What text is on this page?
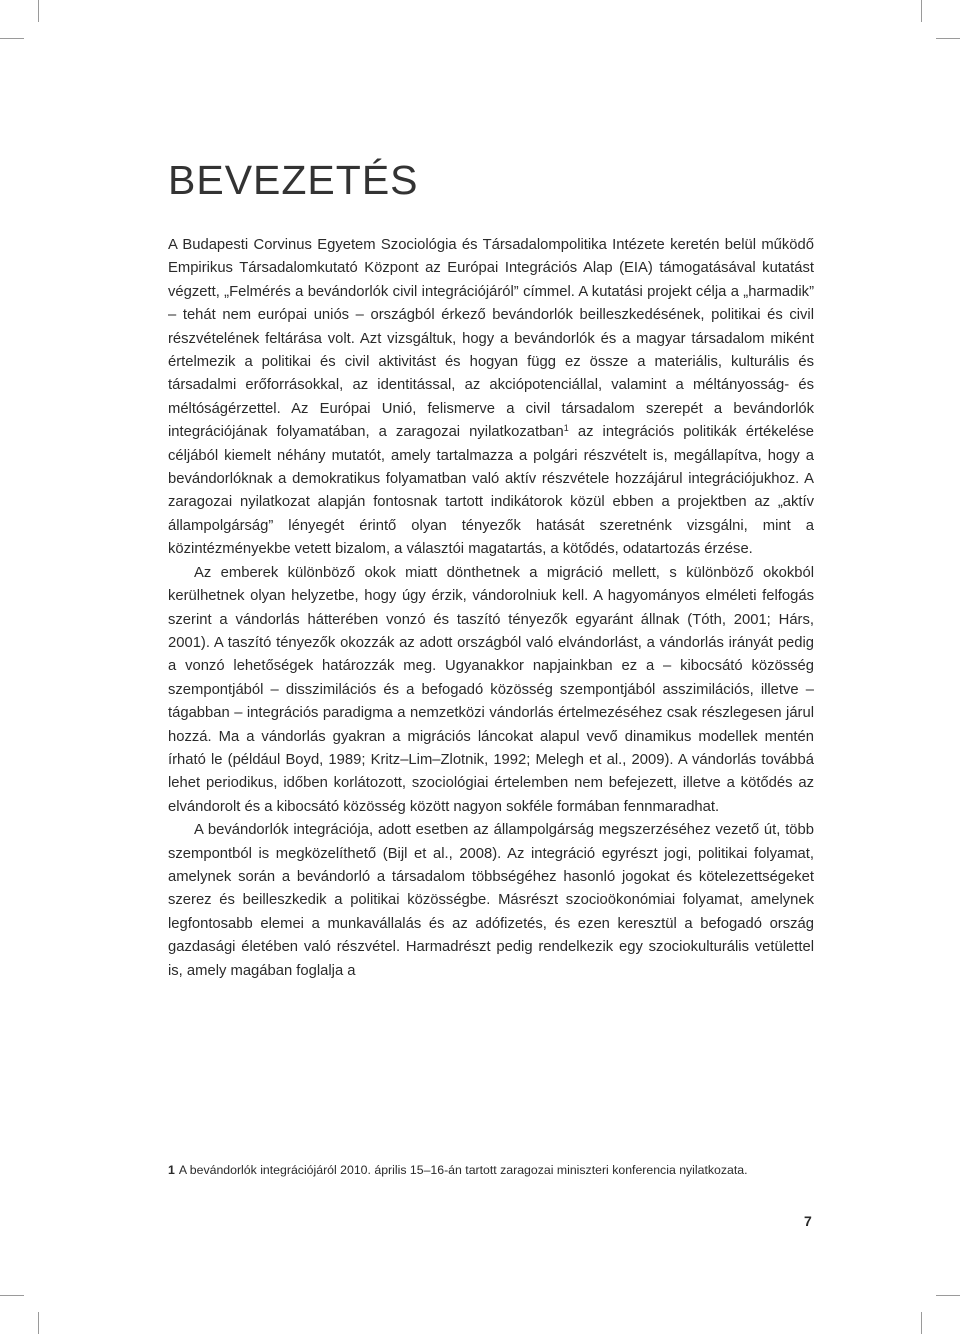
BEVEZETÉS

A Budapesti Corvinus Egyetem Szociológia és Társadalompolitika Intézete keretén belül működő Empirikus Társadalomkutató Központ az Európai Integrációs Alap (EIA) támogatásával kutatást végzett, „Felmérés a bevándorlók civil integrációjáról” címmel. A kutatási projekt célja a „harmadik” – tehát nem európai uniós – országból érkező bevándorlók beilleszkedésének, politikai és civil részvételének feltárása volt. Azt vizsgáltuk, hogy a bevándorlók és a magyar társadalom miként értelmezik a politikai és civil aktivitást és hogyan függ ez össze a materiális, kulturális és társadalmi erőforrásokkal, az identitással, az akciópotenciállal, valamint a méltányosság- és méltóságérzettel. Az Európai Unió, felismerve a civil társadalom szerepét a bevándorlók integrációjának folyamatában, a zaragozai nyilatkozatban$^1$ az integrációs politikák értékelése céljából kiemelt néhány mutatót, amely tartalmazza a polgári részvételt is, megállapítva, hogy a bevándorlóknak a demokratikus folyamatban való aktív részvétele hozzájárul integrációjukhoz. A zaragozai nyilatkozat alapján fontosnak tartott indikátorok közül ebben a projektben az „aktív állampolgárság” lényegét érintő olyan tényezők hatását szeretnénk vizsgálni, mint a közintézményekbe vetett bizalom, a választói magatartás, a kötődés, odatartozás érzése.

Az emberek különböző okok miatt dönthetnek a migráció mellett, s különböző okokból kerülhetnek olyan helyzetbe, hogy úgy érzik, vándorolniuk kell. A hagyományos elméleti felfogás szerint a vándorlás hátterében vonzó és taszító tényezők egyaránt állnak (Tóth, 2001; Hárs, 2001). A taszító tényezők okozzák az adott országból való elvándorlást, a vándorlás irányát pedig a vonzó lehetőségek határozzák meg. Ugyanakkor napjainkban ez a – kibocsátó közösség szempontjából – disszimilációs és a befogadó közösség szempontjából asszimilációs, illetve – tágabban – integrációs paradigma a nemzetközi vándorlás értelmezéséhez csak részlegesen járul hozzá. Ma a vándorlás gyakran a migrációs láncokat alapul vevő dinamikus modellek mentén írható le (például Boyd, 1989; Kritz–Lim–Zlotnik, 1992; Melegh et al., 2009). A vándorlás továbbá lehet periodikus, időben korlátozott, szociológiai értelemben nem befejezett, illetve a kötődés az elvándorolt és a kibocsátó közösség között nagyon sokféle formában fennmaradhat.

A bevándorlók integrációja, adott esetben az állampolgárság megszerzéséhez vezető út, több szempontból is megközelíthető (Bijl et al., 2008). Az integráció egyrészt jogi, politikai folyamat, amelynek során a bevándorló a társadalom többségéhez hasonló jogokat és kötelezettségeket szerez és beilleszkedik a politikai közösségbe. Másrészt szocioökonómiai folyamat, amelynek legfontosabb elemei a munkavállalás és az adófizetés, és ezen keresztül a befogadó ország gazdasági életében való részvétel. Harmadrészt pedig rendelkezik egy szociokulturális vetülettel is, amely magában foglalja a

1 A bevándorlók integrációjáról 2010. április 15–16-án tartott zaragozai miniszteri konferencia nyilatkozata.
7
